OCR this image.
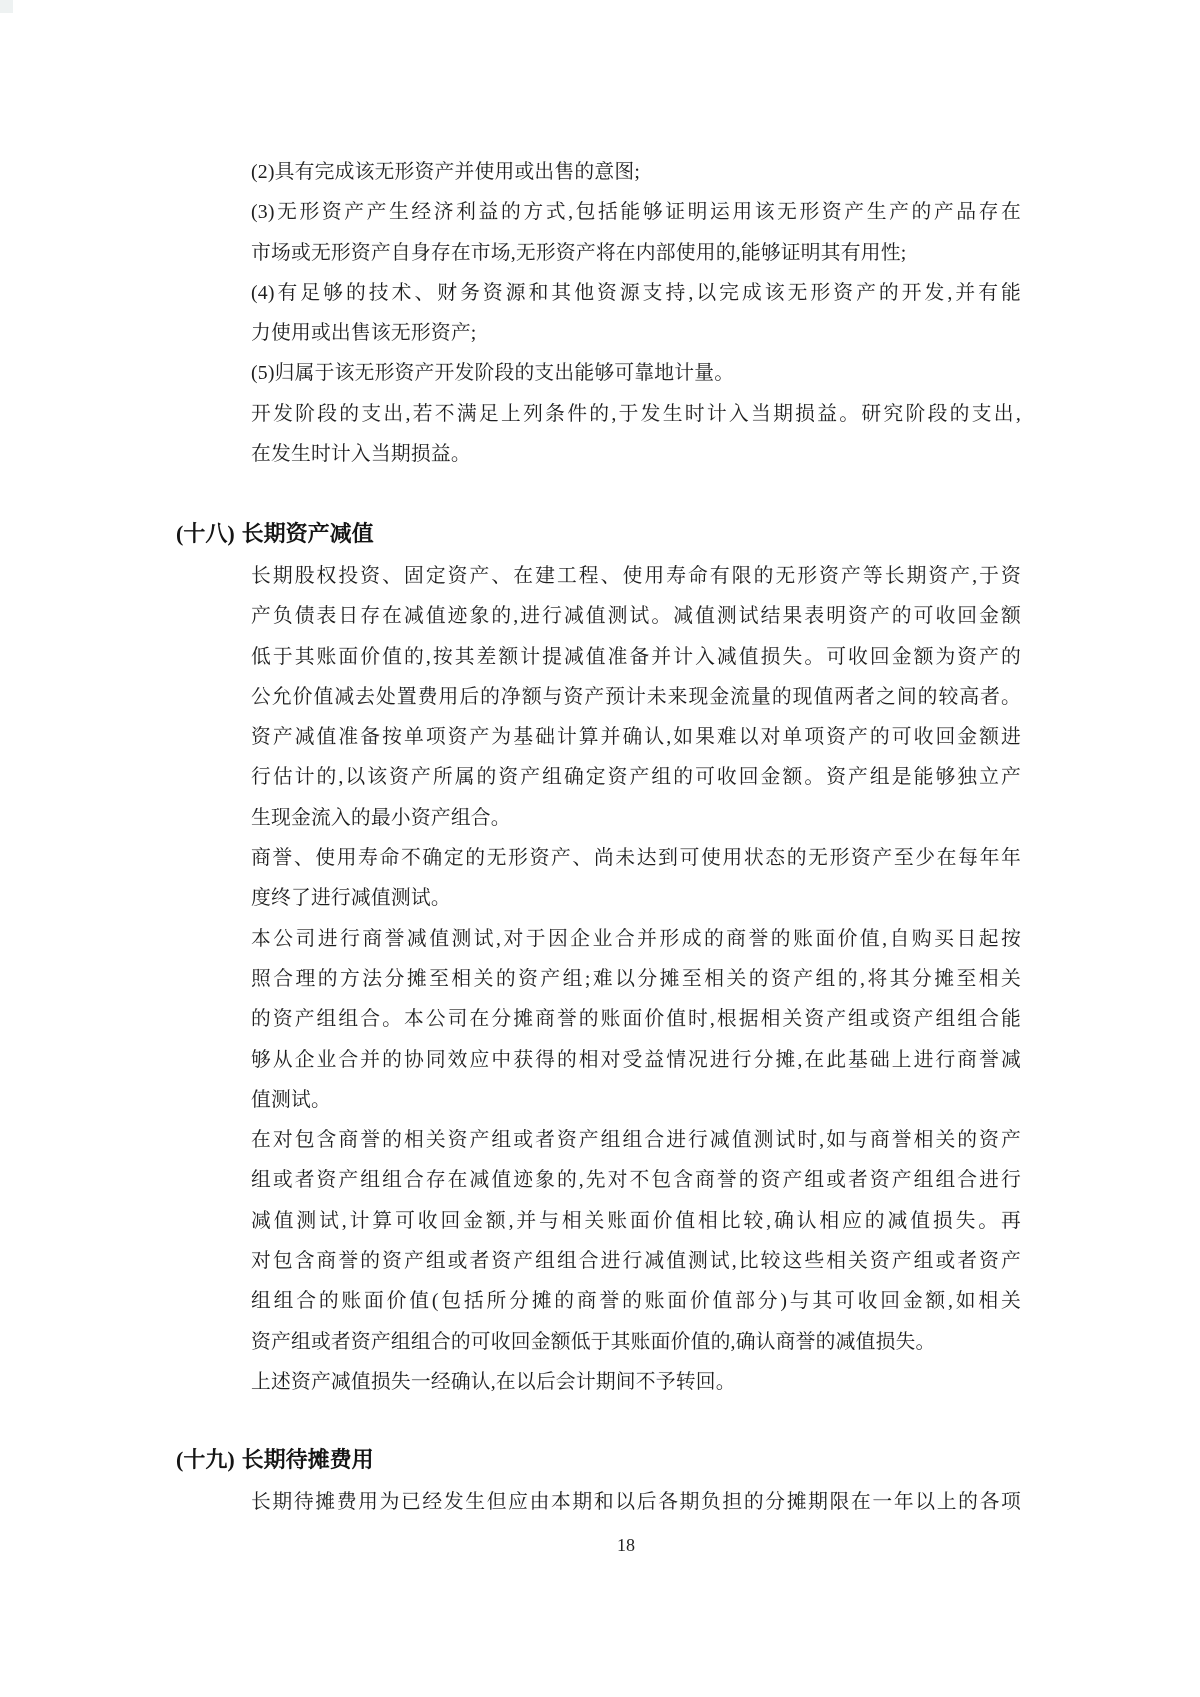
(2)具有完成该无形资产并使用或出售的意图;
(3)无形资产产生经济利益的方式,包括能够证明运用该无形资产生产的产品存在
市场或无形资产自身存在市场,无形资产将在内部使用的,能够证明其有用性;
(4)有足够的技术、财务资源和其他资源支持,以完成该无形资产的开发,并有能
力使用或出售该无形资产;
(5)归属于该无形资产开发阶段的支出能够可靠地计量。
开发阶段的支出,若不满足上列条件的,于发生时计入当期损益。研究阶段的支出,
在发生时计入当期损益。
(十八) 长期资产减值
长期股权投资、固定资产、在建工程、使用寿命有限的无形资产等长期资产,于资
产负债表日存在减值迹象的,进行减值测试。减值测试结果表明资产的可收回金额
低于其账面价值的,按其差额计提减值准备并计入减值损失。可收回金额为资产的
公允价值减去处置费用后的净额与资产预计未来现金流量的现值两者之间的较高者。
资产减值准备按单项资产为基础计算并确认,如果难以对单项资产的可收回金额进
行估计的,以该资产所属的资产组确定资产组的可收回金额。资产组是能够独立产
生现金流入的最小资产组合。
商誉、使用寿命不确定的无形资产、尚未达到可使用状态的无形资产至少在每年年
度终了进行减值测试。
本公司进行商誉减值测试,对于因企业合并形成的商誉的账面价值,自购买日起按
照合理的方法分摊至相关的资产组;难以分摊至相关的资产组的,将其分摊至相关
的资产组组合。本公司在分摊商誉的账面价值时,根据相关资产组或资产组组合能
够从企业合并的协同效应中获得的相对受益情况进行分摊,在此基础上进行商誉减
值测试。
在对包含商誉的相关资产组或者资产组组合进行减值测试时,如与商誉相关的资产
组或者资产组组合存在减值迹象的,先对不包含商誉的资产组或者资产组组合进行
减值测试,计算可收回金额,并与相关账面价值相比较,确认相应的减值损失。再
对包含商誉的资产组或者资产组组合进行减值测试,比较这些相关资产组或者资产
组组合的账面价值(包括所分摊的商誉的账面价值部分)与其可收回金额,如相关
资产组或者资产组组合的可收回金额低于其账面价值的,确认商誉的减值损失。
上述资产减值损失一经确认,在以后会计期间不予转回。
(十九) 长期待摊费用
长期待摊费用为已经发生但应由本期和以后各期负担的分摊期限在一年以上的各项
18
